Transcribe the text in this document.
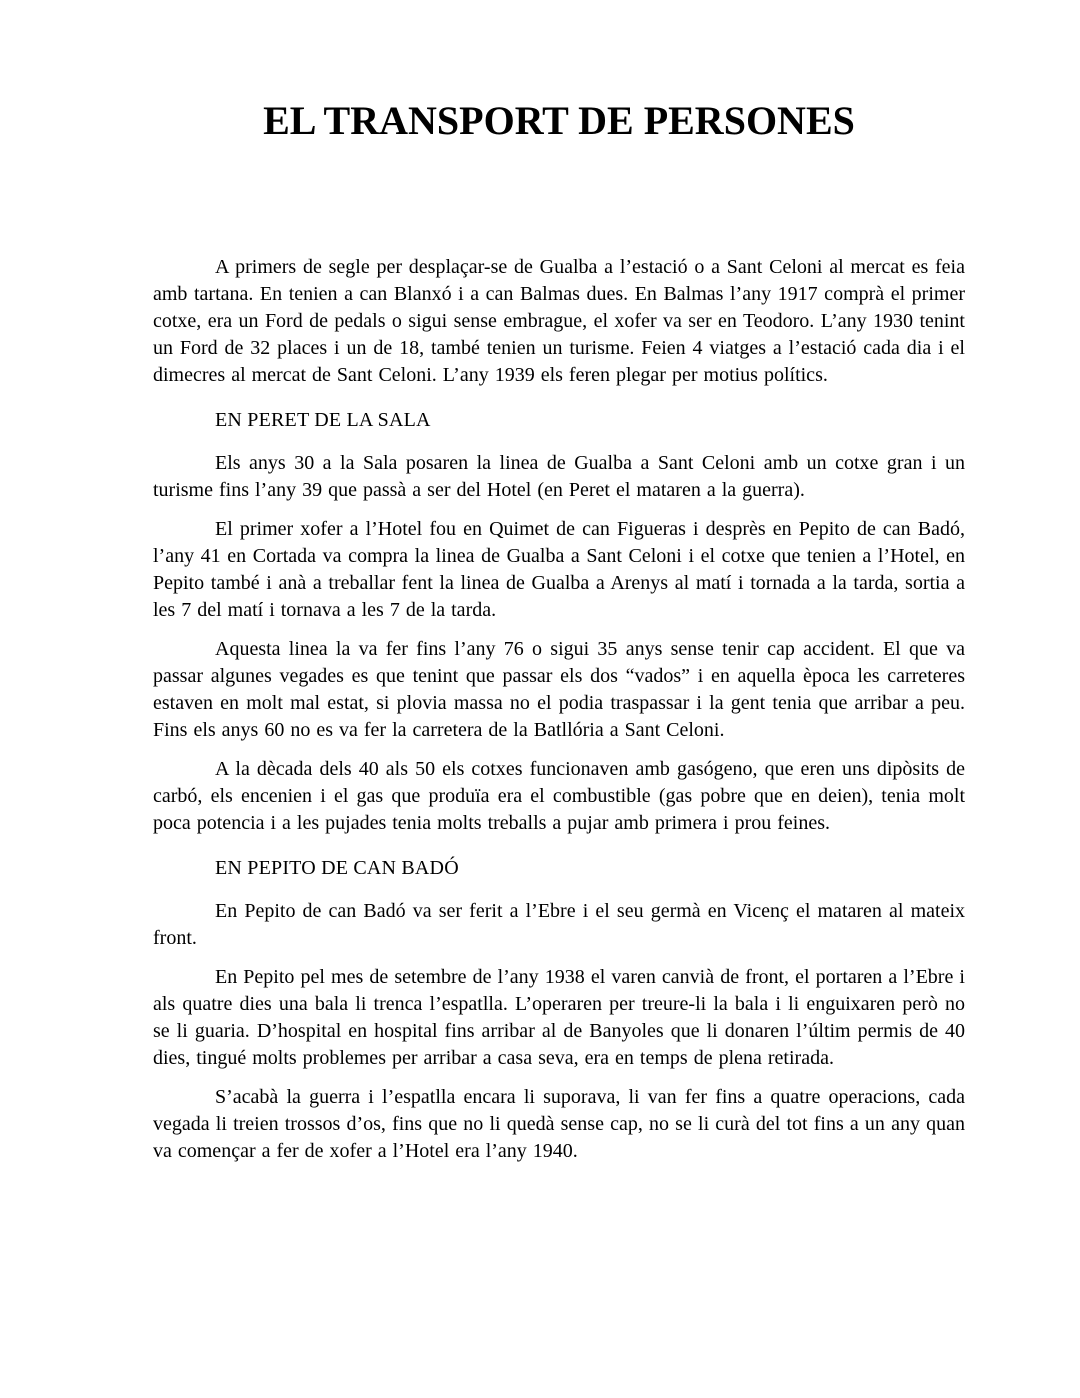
EL TRANSPORT DE PERSONES

A primers de segle per desplaçar-se de Gualba a l’estació o a Sant Celoni al mercat es feia amb tartana. En tenien a can Blanxó i a can Balmas dues. En Balmas l’any 1917 comprà el primer cotxe, era un Ford de pedals o sigui sense embrague, el xofer va ser en Teodoro. L’any 1930 tenint un Ford de 32 places i un de 18, també tenien un turisme. Feien 4 viatges a l’estació cada dia i el dimecres al mercat de Sant Celoni. L’any 1939 els feren plegar per motius polítics.

EN PERET DE LA SALA

Els anys 30 a la Sala posaren la linea de Gualba a Sant Celoni amb un cotxe gran i un turisme fins l’any 39 que passà a ser del Hotel (en Peret el mataren a la guerra).

El primer xofer a l’Hotel fou en Quimet de can Figueras i desprès en Pepito de can Badó, l’any 41 en Cortada va compra la linea de Gualba a Sant Celoni i el cotxe que tenien a l’Hotel, en Pepito també i anà a treballar fent la linea de Gualba a Arenys al matí i tornada a la tarda, sortia a les 7 del matí i tornava a les 7 de la tarda.

Aquesta linea la va fer fins l’any 76 o sigui 35 anys sense tenir cap accident. El que va passar algunes vegades es que tenint que passar els dos “vados” i en aquella època les carreteres estaven en molt mal estat, si plovia massa no el podia traspassar i la gent tenia que arribar a peu. Fins els anys 60 no es va fer la carretera de la Batllória a Sant Celoni.

A la dècada dels 40 als 50 els cotxes funcionaven amb gasógeno, que eren uns dipòsits de carbó, els encenien i el gas que produïa era el combustible (gas pobre que en deien), tenia molt poca potencia i a les pujades tenia molts treballs a pujar amb primera i prou feines.

EN PEPITO DE CAN BADÓ

En Pepito de can Badó va ser ferit a l’Ebre i el seu germà en Vicenç el mataren al mateix front.

En Pepito pel mes de setembre de l’any 1938 el varen canvià de front, el portaren a l’Ebre i als quatre dies una bala li trenca l’espatlla. L’operaren per treure-li la bala i li enguixaren però no se li guaria. D’hospital en hospital fins arribar al de Banyoles que li donaren l’últim permis de 40 dies, tingué molts problemes per arribar a casa seva, era en temps de plena retirada.

S’acabà la guerra i l’espatlla encara li suporava, li van fer fins a quatre operacions, cada vegada li treien trossos d’os, fins que no li quedà sense cap, no se li curà del tot fins a un any quan va començar a fer de xofer a l’Hotel era l’any 1940.
